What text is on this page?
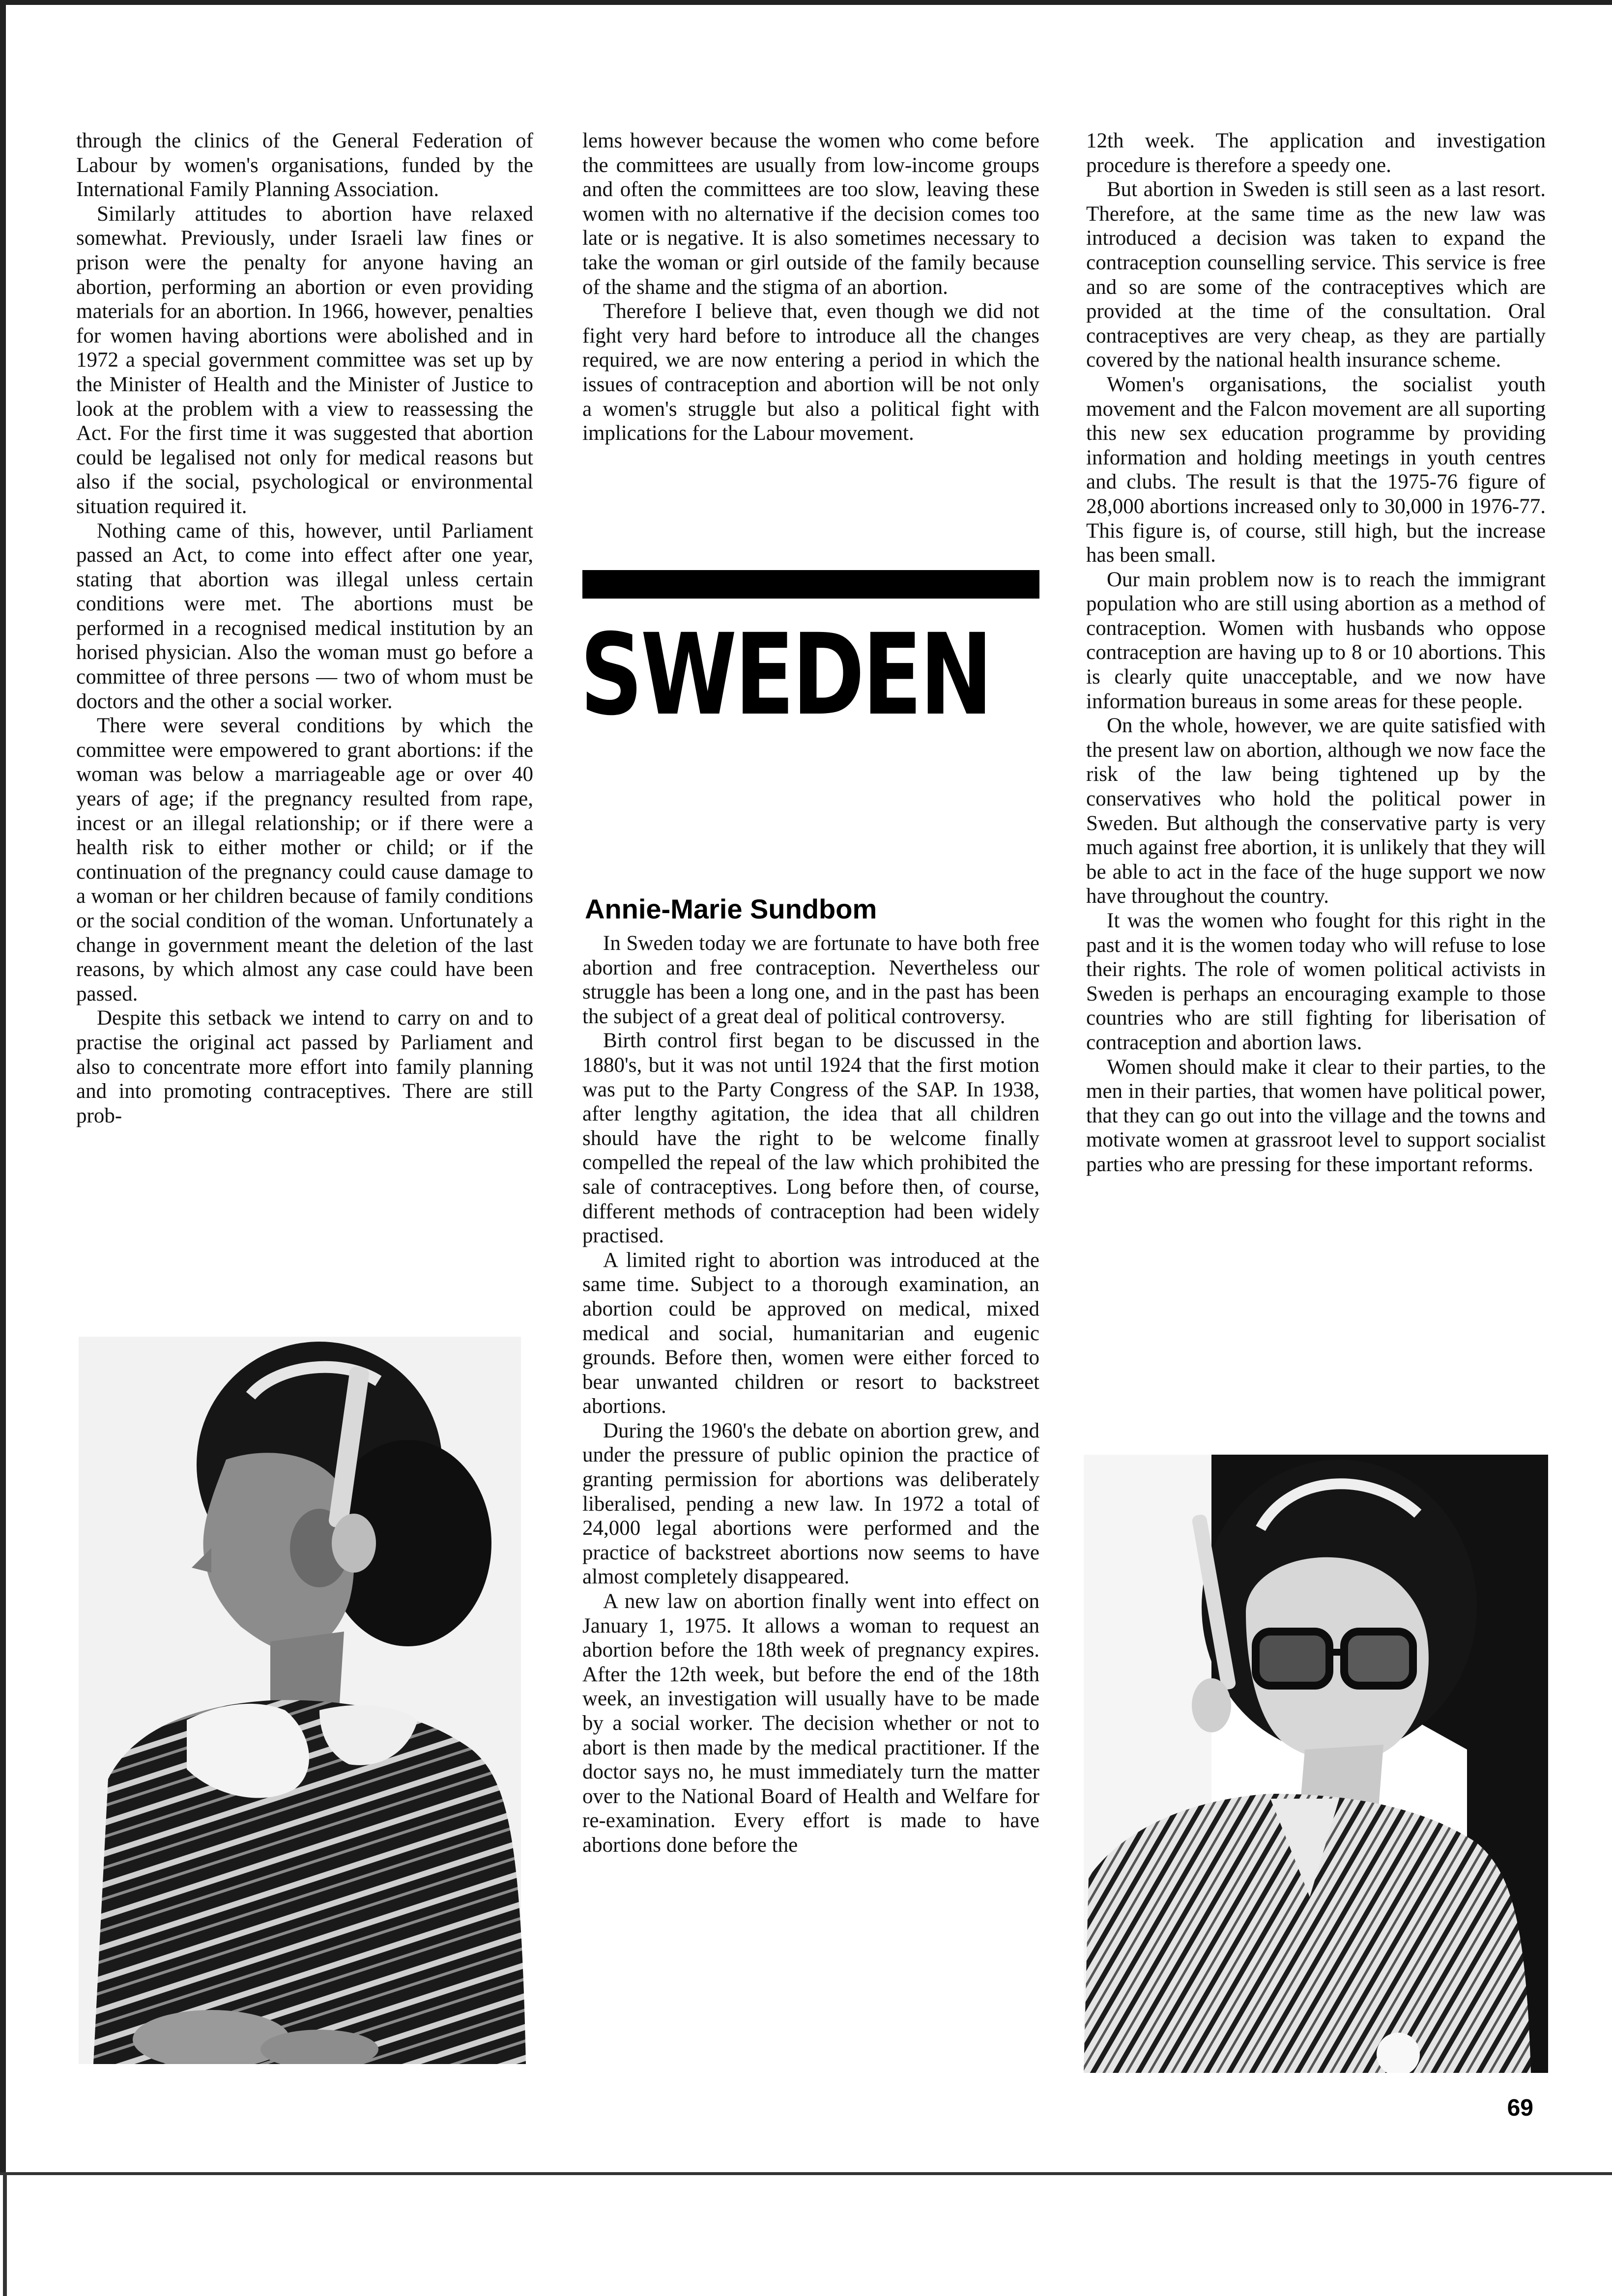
through the clinics of the General Federation of Labour by women's organisations, funded by the International Family Planning Association.

Similarly attitudes to abortion have relaxed somewhat. Previously, under Israeli law fines or prison were the penalty for anyone having an abortion, performing an abortion or even providing materials for an abortion. In 1966, however, penalties for women having abortions were abolished and in 1972 a special government committee was set up by the Minister of Health and the Minister of Justice to look at the problem with a view to reassessing the Act. For the first time it was suggested that abortion could be legalised not only for medical reasons but also if the social, psychological or environmental situation required it.

Nothing came of this, however, until Parliament passed an Act, to come into effect after one year, stating that abortion was illegal unless certain conditions were met. The abortions must be performed in a recognised medical institution by an horised physician. Also the woman must go before a committee of three persons — two of whom must be doctors and the other a social worker.

There were several conditions by which the committee were empowered to grant abortions: if the woman was below a marriageable age or over 40 years of age; if the pregnancy resulted from rape, incest or an illegal relationship; or if there were a health risk to either mother or child; or if the continuation of the pregnancy could cause damage to a woman or her children because of family conditions or the social condition of the woman. Unfortunately a change in government meant the deletion of the last reasons, by which almost any case could have been passed.

Despite this setback we intend to carry on and to practise the original act passed by Parliament and also to concentrate more effort into family planning and into promoting contraceptives. There are still prob-

lems however because the women who come before the committees are usually from low-income groups and often the committees are too slow, leaving these women with no alternative if the decision comes too late or is negative. It is also sometimes necessary to take the woman or girl outside of the family because of the shame and the stigma of an abortion.

Therefore I believe that, even though we did not fight very hard before to introduce all the changes required, we are now entering a period in which the issues of contraception and abortion will be not only a women's struggle but also a political fight with implications for the Labour movement.

SWEDEN
Annie-Marie Sundbom

In Sweden today we are fortunate to have both free abortion and free contraception. Nevertheless our struggle has been a long one, and in the past has been the subject of a great deal of political controversy.

Birth control first began to be discussed in the 1880's, but it was not until 1924 that the first motion was put to the Party Congress of the SAP. In 1938, after lengthy agitation, the idea that all children should have the right to be welcome finally compelled the repeal of the law which prohibited the sale of contraceptives. Long before then, of course, different methods of contraception had been widely practised.

A limited right to abortion was introduced at the same time. Subject to a thorough examination, an abortion could be approved on medical, mixed medical and social, humanitarian and eugenic grounds. Before then, women were either forced to bear unwanted children or resort to backstreet abortions.

During the 1960's the debate on abortion grew, and under the pressure of public opinion the practice of granting permission for abortions was deliberately liberalised, pending a new law. In 1972 a total of 24,000 legal abortions were performed and the practice of backstreet abortions now seems to have almost completely disappeared.

A new law on abortion finally went into effect on January 1, 1975. It allows a woman to request an abortion before the 18th week of pregnancy expires. After the 12th week, but before the end of the 18th week, an investigation will usually have to be made by a social worker. The decision whether or not to abort is then made by the medical practitioner. If the doctor says no, he must immediately turn the matter over to the National Board of Health and Welfare for re-examination. Every effort is made to have abortions done before the

12th week. The application and investigation procedure is therefore a speedy one.

But abortion in Sweden is still seen as a last resort. Therefore, at the same time as the new law was introduced a decision was taken to expand the contraception counselling service. This service is free and so are some of the contraceptives which are provided at the time of the consultation. Oral contraceptives are very cheap, as they are partially covered by the national health insurance scheme.

Women's organisations, the socialist youth movement and the Falcon movement are all suporting this new sex education programme by providing information and holding meetings in youth centres and clubs. The result is that the 1975-76 figure of 28,000 abortions increased only to 30,000 in 1976-77. This figure is, of course, still high, but the increase has been small.

Our main problem now is to reach the immigrant population who are still using abortion as a method of contraception. Women with husbands who oppose contraception are having up to 8 or 10 abortions. This is clearly quite unacceptable, and we now have information bureaus in some areas for these people.

On the whole, however, we are quite satisfied with the present law on abortion, although we now face the risk of the law being tightened up by the conservatives who hold the political power in Sweden. But although the conservative party is very much against free abortion, it is unlikely that they will be able to act in the face of the huge support we now have throughout the country.

It was the women who fought for this right in the past and it is the women today who will refuse to lose their rights. The role of women political activists in Sweden is perhaps an encouraging example to those countries who are still fighting for liberisation of contraception and abortion laws.

Women should make it clear to their parties, to the men in their parties, that women have political power, that they can go out into the village and the towns and motivate women at grassroot level to support socialist parties who are pressing for these important reforms.

69
